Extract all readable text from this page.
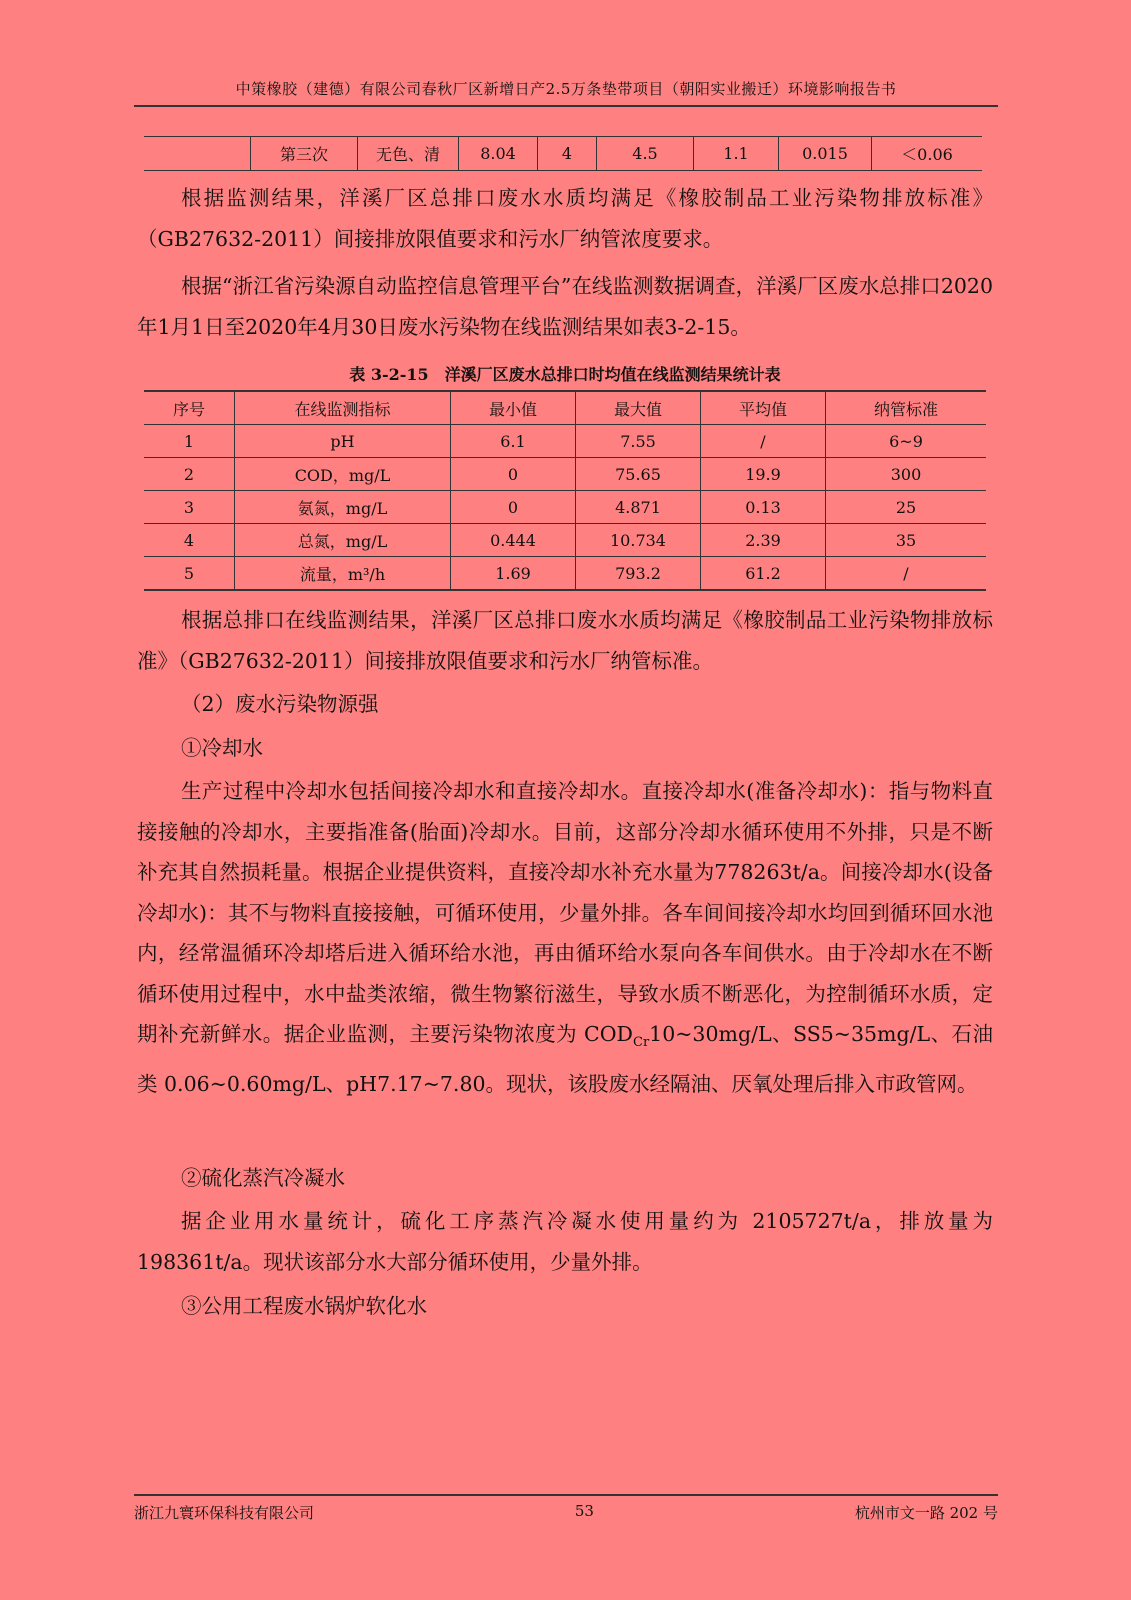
中策橡胶（建德）有限公司春秋厂区新增日产2.5万条垫带项目（朝阳实业搬迁）环境影响报告书
	第三次	无色、清	8.04	4	4.5	1.1	0.015	＜0.06

根据监测结果，洋溪厂区总排口废水水质均满足《橡胶制品工业污染物排放标准》（GB27632-2011）间接排放限值要求和污水厂纳管浓度要求。

根据“浙江省污染源自动监控信息管理平台”在线监测数据调查，洋溪厂区废水总排口2020年1月1日至2020年4月30日废水污染物在线监测结果如表3-2-15。

表 3-2-15　洋溪厂区废水总排口时均值在线监测结果统计表
序号	在线监测指标	最小值	最大值	平均值	纳管标准
1	pH	6.1	7.55	/	6~9
2	COD，mg/L	0	75.65	19.9	300
3	氨氮，mg/L	0	4.871	0.13	25
4	总氮，mg/L	0.444	10.734	2.39	35
5	流量，m³/h	1.69	793.2	61.2	/

根据总排口在线监测结果，洋溪厂区总排口废水水质均满足《橡胶制品工业污染物排放标准》（GB27632-2011）间接排放限值要求和污水厂纳管标准。

（2）废水污染物源强

①冷却水

生产过程中冷却水包括间接冷却水和直接冷却水。直接冷却水(准备冷却水)：指与物料直接接触的冷却水，主要指准备(胎面)冷却水。目前，这部分冷却水循环使用不外排，只是不断补充其自然损耗量。根据企业提供资料，直接冷却水补充水量为778263t/a。间接冷却水(设备冷却水)：其不与物料直接接触，可循环使用，少量外排。各车间间接冷却水均回到循环回水池内，经常温循环冷却塔后进入循环给水池，再由循环给水泵向各车间供水。由于冷却水在不断循环使用过程中，水中盐类浓缩，微生物繁衍滋生，导致水质不断恶化，为控制循环水质，定期补充新鲜水。据企业监测，主要污染物浓度为 $COD_{Cr}10\sim 30mg/L$、SS5~35mg/L、石油类 0.06~0.60mg/L、pH7.17~7.80。现状，该股废水经隔油、厌氧处理后排入市政管网。

②硫化蒸汽冷凝水

据企业用水量统计，硫化工序蒸汽冷凝水使用量约为 2105727t/a，排放量为198361t/a。现状该部分水大部分循环使用，少量外排。

③公用工程废水锅炉软化水

浙江九寰环保科技有限公司	53	杭州市文一路 202 号
